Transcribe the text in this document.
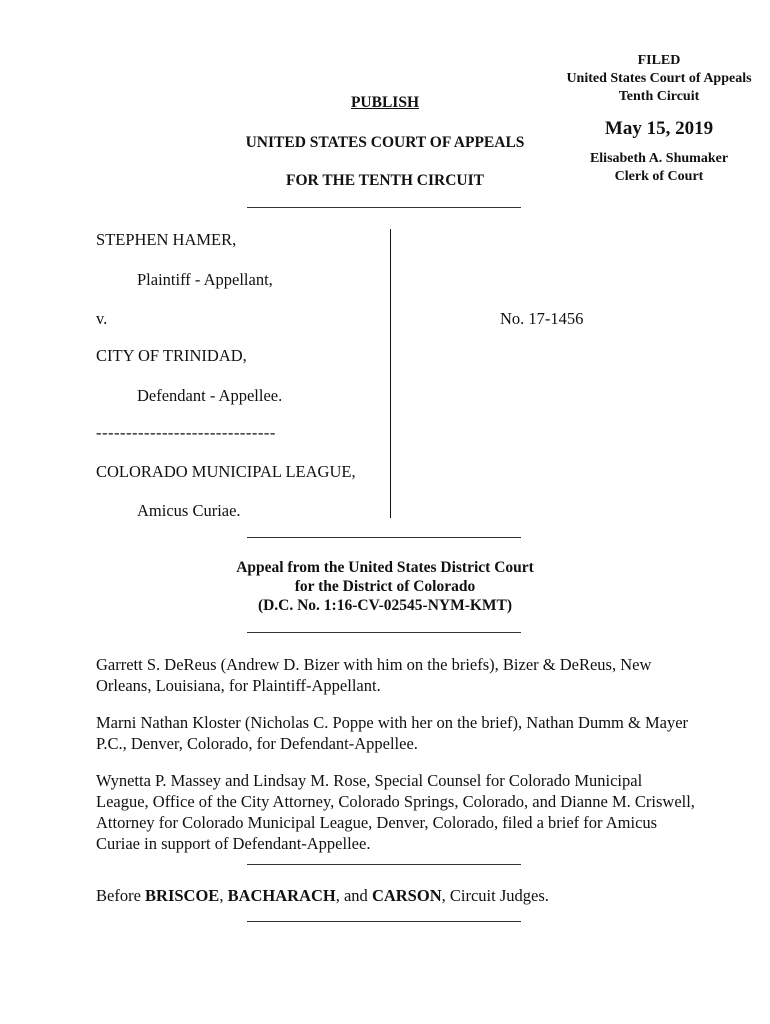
FILED
United States Court of Appeals
Tenth Circuit
May 15, 2019
Elisabeth A. Shumaker
Clerk of Court
PUBLISH
UNITED STATES COURT OF APPEALS
FOR THE TENTH CIRCUIT
STEPHEN HAMER,
Plaintiff - Appellant,
v.	No. 17-1456
CITY OF TRINIDAD,
Defendant - Appellee.
------------------------------
COLORADO MUNICIPAL LEAGUE,
Amicus Curiae.
Appeal from the United States District Court
for the District of Colorado
(D.C. No. 1:16-CV-02545-NYM-KMT)

Garrett S. DeReus (Andrew D. Bizer with him on the briefs), Bizer & DeReus, New Orleans, Louisiana, for Plaintiff-Appellant.

Marni Nathan Kloster (Nicholas C. Poppe with her on the brief), Nathan Dumm & Mayer P.C., Denver, Colorado, for Defendant-Appellee.

Wynetta P. Massey and Lindsay M. Rose, Special Counsel for Colorado Municipal League, Office of the City Attorney, Colorado Springs, Colorado, and Dianne M. Criswell, Attorney for Colorado Municipal League, Denver, Colorado, filed a brief for Amicus Curiae in support of Defendant-Appellee.

Before BRISCOE, BACHARACH, and CARSON, Circuit Judges.
